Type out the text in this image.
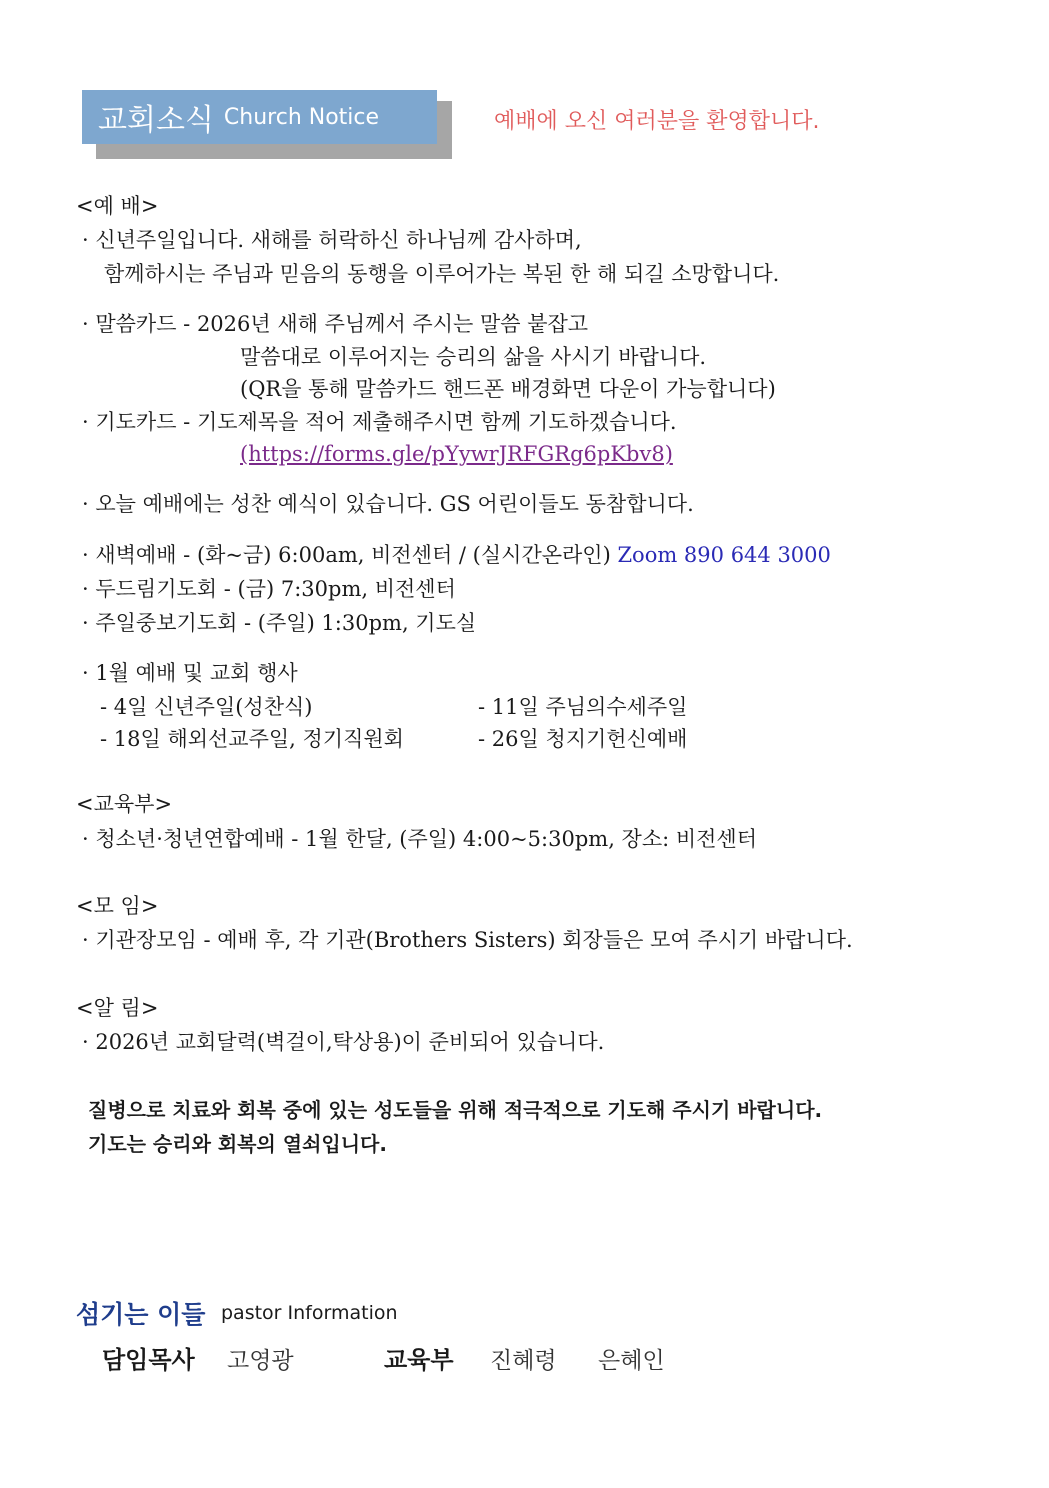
교회소식 Church Notice	예배에 오신 여러분을 환영합니다.
<예 배>
· 신년주일입니다. 새해를 허락하신 하나님께 감사하며,
함께하시는 주님과 믿음의 동행을 이루어가는 복된 한 해 되길 소망합니다.
· 말씀카드 - 2026년 새해 주님께서 주시는 말씀 붙잡고
말씀대로 이루어지는 승리의 삶을 사시기 바랍니다.
(QR을 통해 말씀카드 핸드폰 배경화면 다운이 가능합니다)
· 기도카드 - 기도제목을 적어 제출해주시면 함께 기도하겠습니다.
(https://forms.gle/pYywrJRFGRg6pKbv8)
· 오늘 예배에는 성찬 예식이 있습니다. GS 어린이들도 동참합니다.
· 새벽예배 - (화~금) 6:00am, 비전센터 / (실시간온라인) Zoom 890 644 3000
· 두드림기도회 - (금) 7:30pm, 비전센터
· 주일중보기도회 - (주일) 1:30pm, 기도실
· 1월 예배 및 교회 행사
- 4일 신년주일(성찬식)	- 11일 주님의수세주일
- 18일 해외선교주일, 정기직원회	- 26일 청지기헌신예배
<교육부>
· 청소년·청년연합예배 - 1월 한달, (주일) 4:00~5:30pm, 장소: 비전센터
<모 임>
· 기관장모임 - 예배 후, 각 기관(Brothers Sisters) 회장들은 모여 주시기 바랍니다.
<알 림>
· 2026년 교회달력(벽걸이,탁상용)이 준비되어 있습니다.
질병으로 치료와 회복 중에 있는 성도들을 위해 적극적으로 기도해 주시기 바랍니다.
기도는 승리와 회복의 열쇠입니다.
섬기는 이들 pastor Information
담임목사 고영광	교육부 진혜령 은혜인
